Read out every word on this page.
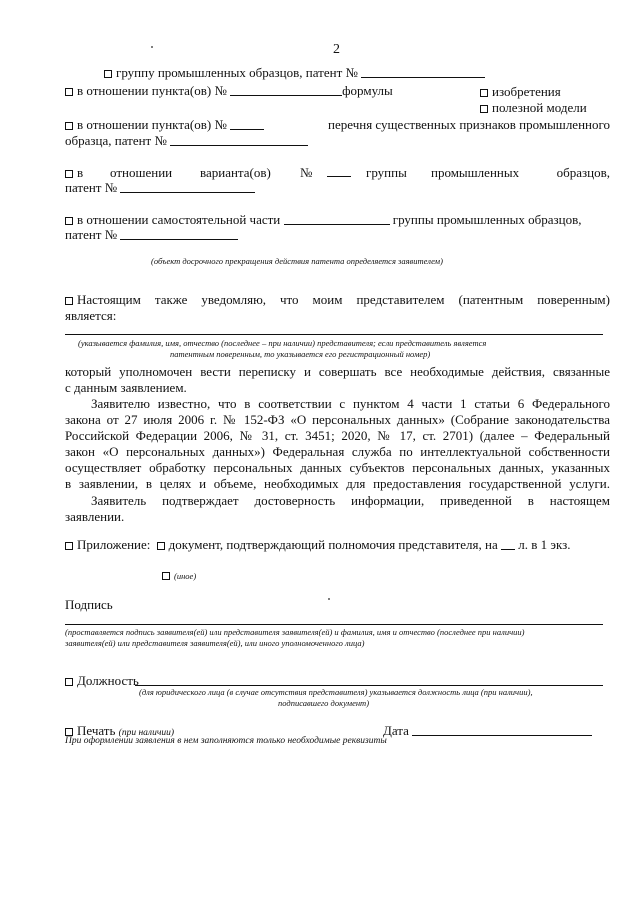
2
группу промышленных образцов, патент №
в отношении пункта(ов) №	формулы	изобретения
полезной модели
в отношении пункта(ов) №	перечня существенных признаков промышленного
образца, патент №
в отношении варианта(ов) №	группы промышленных	образцов,
патент №
в отношении самостоятельной части	группы промышленных образцов,
патент №
(объект досрочного прекращения действия патента определяется заявителем)
Настоящим также уведомляю, что моим представителем (патентным поверенным)
является:
(указывается фамилия, имя, отчество (последнее – при наличии) представителя; если представитель является
патентным поверенным, то указывается его регистрационный номер)
который уполномочен вести переписку и совершать все необходимые действия, связанные
с данным заявлением.
Заявителю известно, что в соответствии с пунктом 4 части 1 статьи 6 Федерального
закона от 27 июля 2006 г. № 152-ФЗ «О персональных данных» (Собрание законодательства
Российской Федерации 2006, № 31, ст. 3451; 2020, № 17, ст. 2701) (далее – Федеральный
закон «О персональных данных») Федеральная служба по интеллектуальной собственности
осуществляет обработку персональных данных субъектов персональных данных, указанных
в заявлении, в целях и объеме, необходимых для предоставления государственной услуги.
Заявитель подтверждает достоверность информации, приведенной в настоящем
заявлении.
Приложение: документ, подтверждающий полномочия представителя, на л. в 1 экз.
(иное)
Подпись
(проставляется подпись заявителя(ей) или представителя заявителя(ей) и фамилия, имя и отчество (последнее при наличии)
заявителя(ей) или представителя заявителя(ей), или иного уполномоченного лица)
Должность
(для юридического лица (в случае отсутствия представителя) указывается должность лица (при наличии),
подписавшего документ)
Печать (при наличии)	Дата
При оформлении заявления в нем заполняются только необходимые реквизиты
